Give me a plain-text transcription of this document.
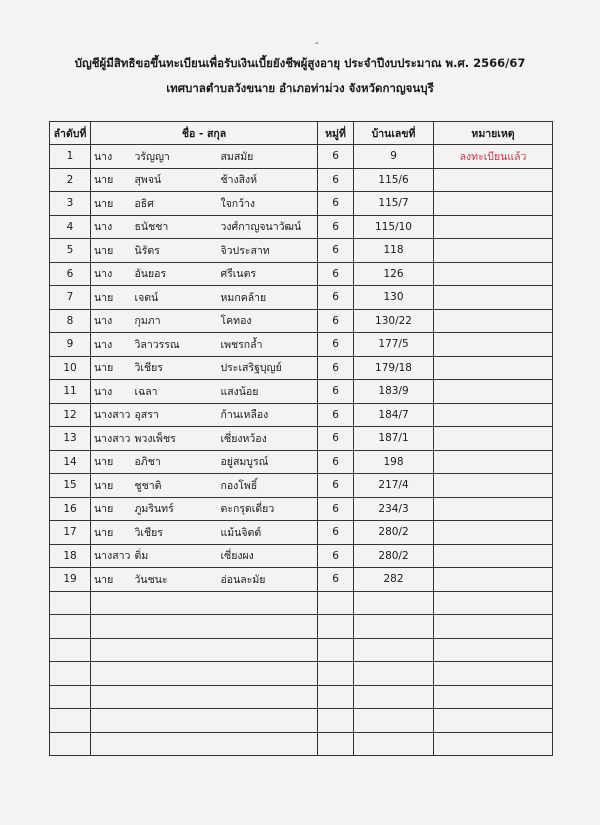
-
บัญชีผู้มีสิทธิขอขึ้นทะเบียนเพื่อรับเงินเบี้ยยังชีพผู้สูงอายุ ประจำปีงบประมาณ พ.ศ. 2566/67
เทศบาลตำบลวังขนาย อำเภอท่าม่วง จังหวัดกาญจนบุรี
ลำดับที่	ชื่อ - สกุล			หมู่ที่	บ้านเลขที่	หมายเหตุ
1	นาง	วรัญญา	สมสมัย	6	9	ลงทะเบียนแล้ว
2	นาย	สุพจน์	ช้างสิงห์	6	115/6	
3	นาย	อธิศ	ใจกว้าง	6	115/7	
4	นาง	ธนัชชา	วงศ์กาญจนาวัฒน์	6	115/10	
5	นาย	นิรัตร	จิวประสาท	6	118	
6	นาง	อันยอร	ศรีเนตร	6	126	
7	นาย	เจตน์	หมกคล้าย	6	130	
8	นาง	กุมภา	โคทอง	6	130/22	
9	นาง	วิลาวรรณ	เพชรกล้ำ	6	177/5	
10	นาย	วิเชียร	ประเสริฐบุญย์	6	179/18	
11	นาง	เฉลา	แสงน้อย	6	183/9	
12	นางสาว	อุสรา	ก้านเหลือง	6	184/7	
13	นางสาว	พวงเพ็ชร	เซี่ยงหว้อง	6	187/1	
14	นาย	อภิชา	อยู่สมบูรณ์	6	198	
15	นาย	ชูชาติ	กองโพธิ์	6	217/4	
16	นาย	ภูมรินทร์	ตะกรุดเดี่ยว	6	234/3	
17	นาย	วิเชียร	แม้นจิตต์	6	280/2	
18	นางสาว	ติ่ม	เซี่ยงผง	6	280/2	
19	นาย	วันชนะ	อ่อนละมัย	6	282	
